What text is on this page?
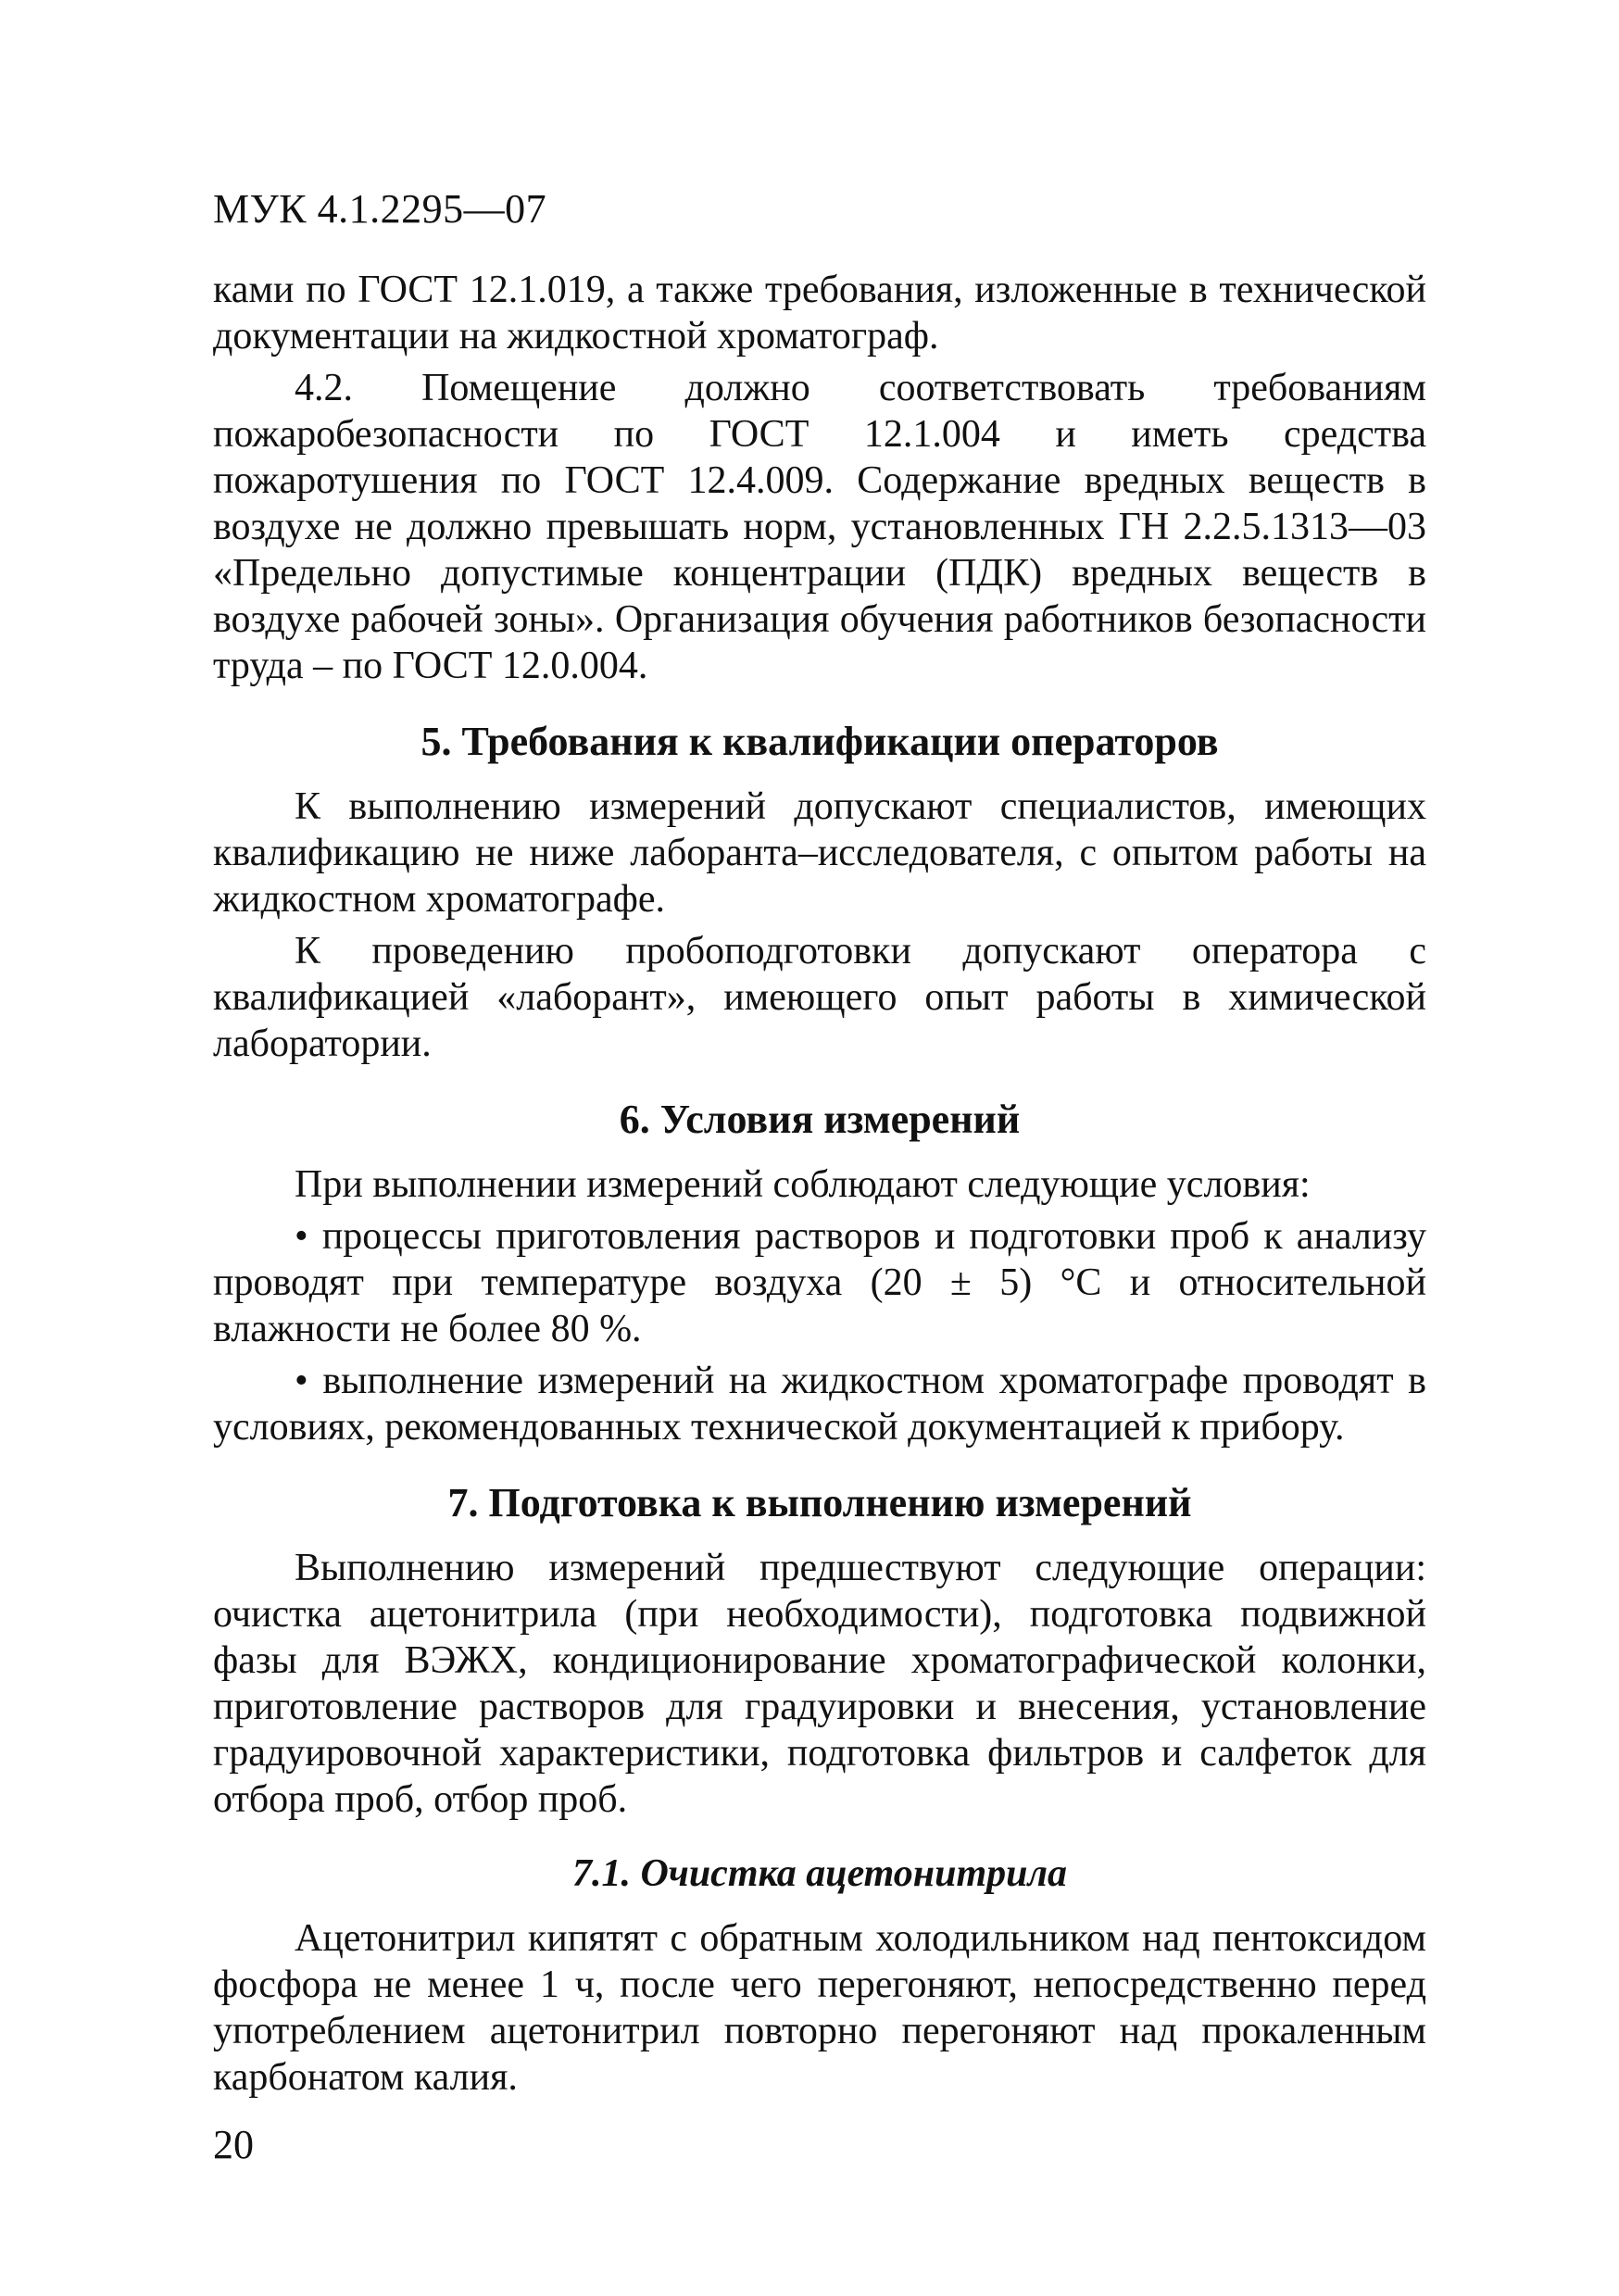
МУК 4.1.2295—07

ками по ГОСТ 12.1.019, а также требования, изложенные в технической документации на жидкостной хроматограф.

4.2. Помещение должно соответствовать требованиям пожаробезопасности по ГОСТ 12.1.004 и иметь средства пожаротушения по ГОСТ 12.4.009. Содержание вредных веществ в воздухе не должно превышать норм, установленных ГН 2.2.5.1313—03 «Предельно допустимые концентрации (ПДК) вредных веществ в воздухе рабочей зоны». Организация обучения работников безопасности труда – по ГОСТ 12.0.004.

5. Требования к квалификации операторов

К выполнению измерений допускают специалистов, имеющих квалификацию не ниже лаборанта–исследователя, с опытом работы на жидкостном хроматографе.

К проведению пробоподготовки допускают оператора с квалификацией «лаборант», имеющего опыт работы в химической лаборатории.

6. Условия измерений

При выполнении измерений соблюдают следующие условия:

• процессы приготовления растворов и подготовки проб к анализу проводят при температуре воздуха (20 ± 5) °С и относительной влажности не более 80 %.

• выполнение измерений на жидкостном хроматографе проводят в условиях, рекомендованных технической документацией к прибору.

7. Подготовка к выполнению измерений

Выполнению измерений предшествуют следующие операции: очистка ацетонитрила (при необходимости), подготовка подвижной фазы для ВЭЖХ, кондиционирование хроматографической колонки, приготовление растворов для градуировки и внесения, установление градуировочной характеристики, подготовка фильтров и салфеток для отбора проб, отбор проб.

7.1. Очистка ацетонитрила

Ацетонитрил кипятят с обратным холодильником над пентоксидом фосфора не менее 1 ч, после чего перегоняют, непосредственно перед употреблением ацетонитрил повторно перегоняют над прокаленным карбонатом калия.

20
